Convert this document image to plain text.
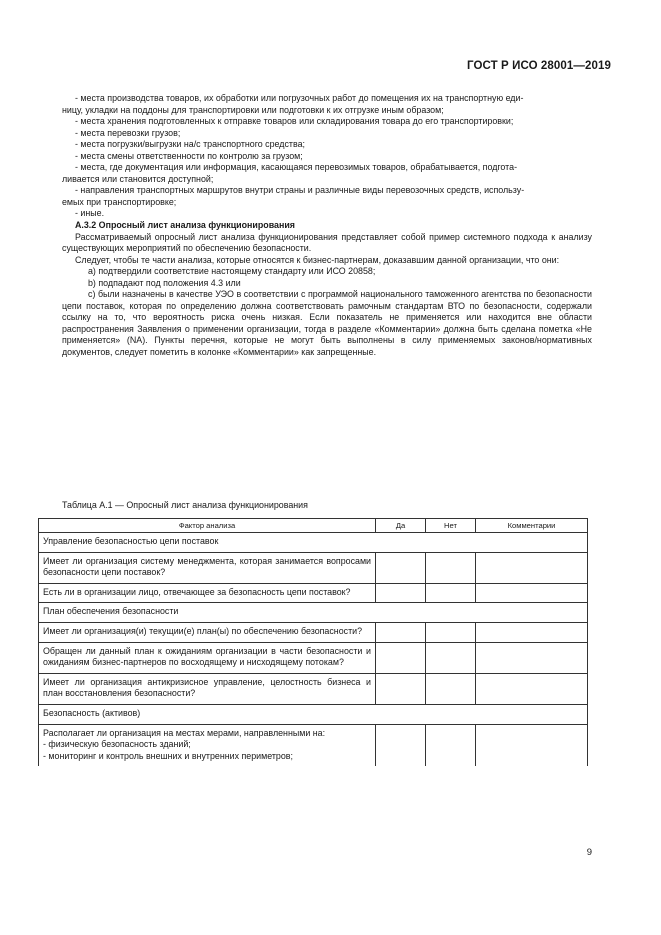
ГОСТ Р ИСО 28001—2019

- места производства товаров, их обработки или погрузочных работ до помещения их на транспортную еди-

ницу, укладки на поддоны для транспортировки или подготовки к их отгрузке иным образом;

- места хранения подготовленных к отправке товаров или складирования товара до его транспортировки;

- места перевозки грузов;

- места погрузки/выгрузки на/с транспортного средства;

- места смены ответственности по контролю за грузом;

- места, где документация или информация, касающаяся перевозимых товаров, обрабатывается, подгота-

ливается или становится доступной;

- направления транспортных маршрутов внутри страны и различные виды перевозочных средств, использу-

емых при транспортировке;

- иные.

А.3.2 Опросный лист анализа функционирования

Рассматриваемый опросный лист анализа функционирования представляет собой пример системного подхода к анализу существующих мероприятий по обеспечению безопасности.

Следует, чтобы те части анализа, которые относятся к бизнес-партнерам, доказавшим данной организации, что они:

а) подтвердили соответствие настоящему стандарту или ИСО 20858;

b) подпадают под положения 4.3 или

с) были назначены в качестве УЭО в соответствии с программой национального таможенного агентства по безопасности цепи поставок, которая по определению должна соответствовать рамочным стандартам ВТО по безопасности, содержали ссылку на то, что вероятность риска очень низкая. Если показатель не применяется или находится вне области распространения Заявления о применении организации, тогда в разделе «Комментарии» должна быть сделана пометка «Не применяется» (NA). Пункты перечня, которые не могут быть выполнены в силу применяемых законов/нормативных документов, следует пометить в колонке «Комментарии» как запрещенные.

Таблица А.1 — Опросный лист анализа функционирования
Фактор анализа	Да	Нет	Комментарии
Управление безопасностью цепи поставок			
Имеет ли организация систему менеджмента, которая занимается вопросами безопасности цепи поставок?			
Есть ли в организации лицо, отвечающее за безопасность цепи поставок?			
План обеспечения безопасности			
Имеет ли организация(и) текущии(е) план(ы) по обеспечению безопасности?			
Обращен ли данный план к ожиданиям организации в части безопасности и ожиданиям бизнес-партнеров по восходящему и нисходящему потокам?			
Имеет ли организация антикризисное управление, целостность бизнеса и план восстановления безопасности?			
Безопасность (активов)			

Располагает ли организация на местах мерами, направленными на:
- физическую безопасность зданий;
- мониторинг и контроль внешних и внутренних периметров;			

9
